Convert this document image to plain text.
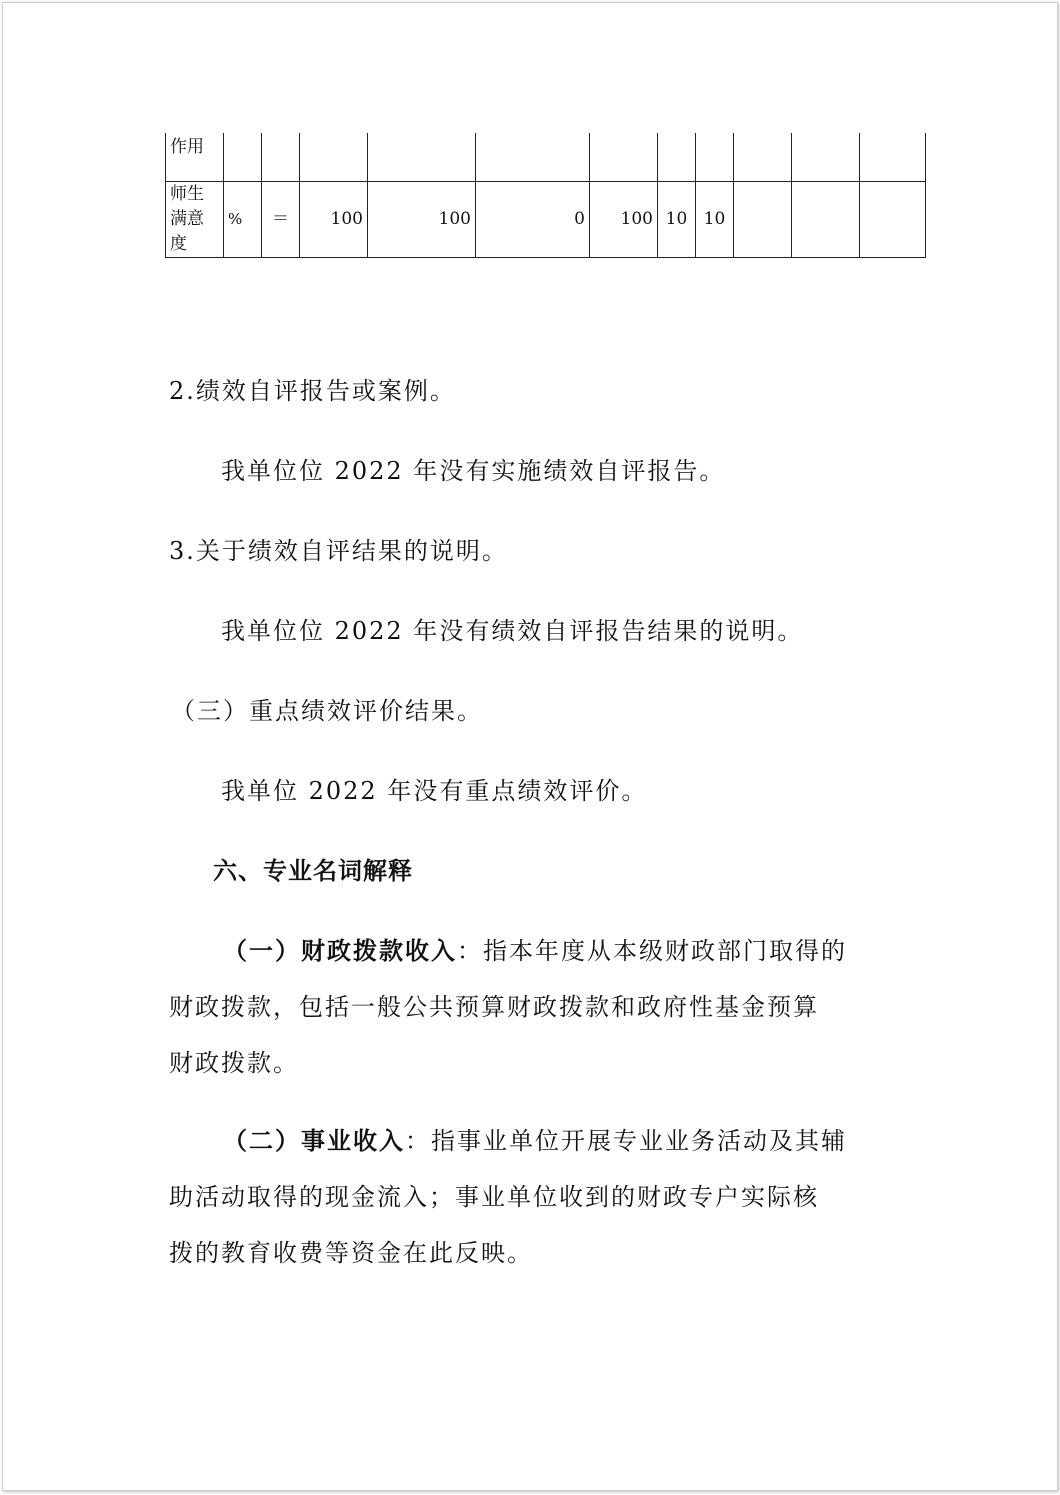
作用											
师生满意度	%	＝	100	100	0	100	10	10			

2.绩效自评报告或案例。

我单位位 2022 年没有实施绩效自评报告。

3.关于绩效自评结果的说明。

我单位位 2022 年没有绩效自评报告结果的说明。

（三）重点绩效评价结果。

我单位 2022 年没有重点绩效评价。

六、专业名词解释

（一）财政拨款收入：指本年度从本级财政部门取得的

财政拨款，包括一般公共预算财政拨款和政府性基金预算

财政拨款。

（二）事业收入：指事业单位开展专业业务活动及其辅

助活动取得的现金流入；事业单位收到的财政专户实际核

拨的教育收费等资金在此反映。
